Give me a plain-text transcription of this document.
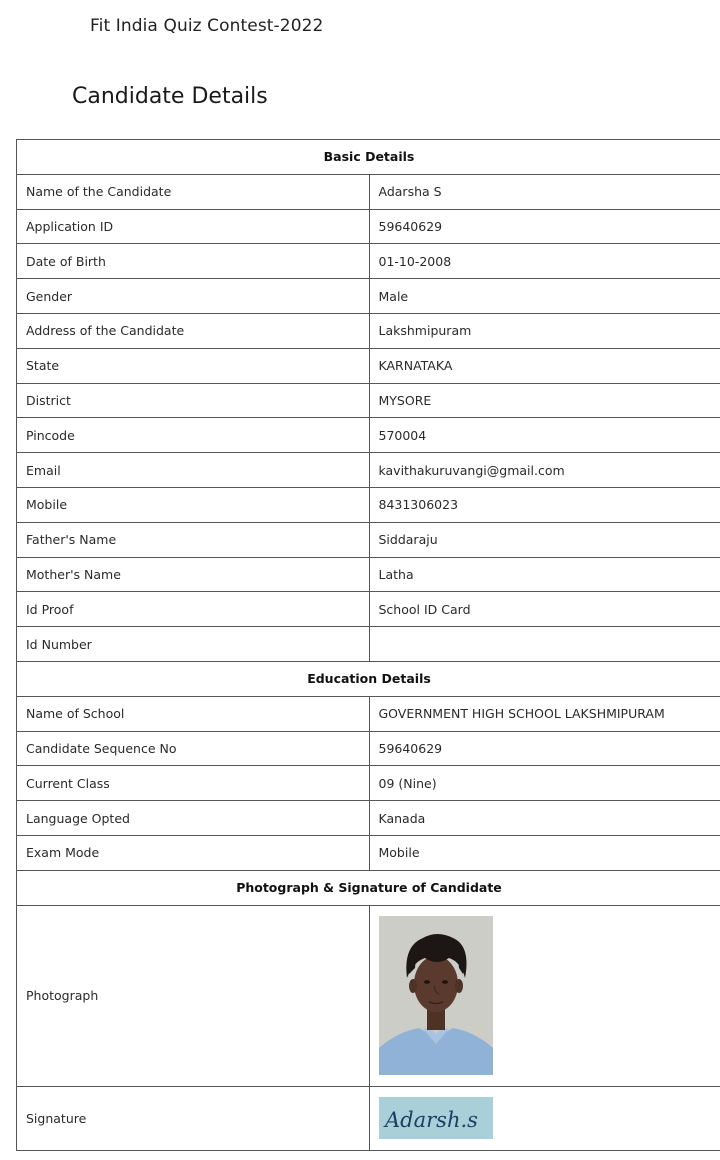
Fit India Quiz Contest-2022
Candidate Details
Basic Details	
Name of the Candidate	Adarsha S
Application ID	59640629
Date of Birth	01-10-2008
Gender	Male
Address of the Candidate	Lakshmipuram
State	KARNATAKA
District	MYSORE
Pincode	570004
Email	kavithakuruvangi@gmail.com
Mobile	8431306023
Father's Name	Siddaraju
Mother's Name	Latha
Id Proof	School ID Card
Id Number	
Education Details	
Name of School	GOVERNMENT HIGH SCHOOL LAKSHMIPURAM
Candidate Sequence No	59640629
Current Class	09 (Nine)
Language Opted	Kanada
Exam Mode	Mobile
Photograph & Signature of Candidate	
Photograph	

Signature	Adarsh.s
